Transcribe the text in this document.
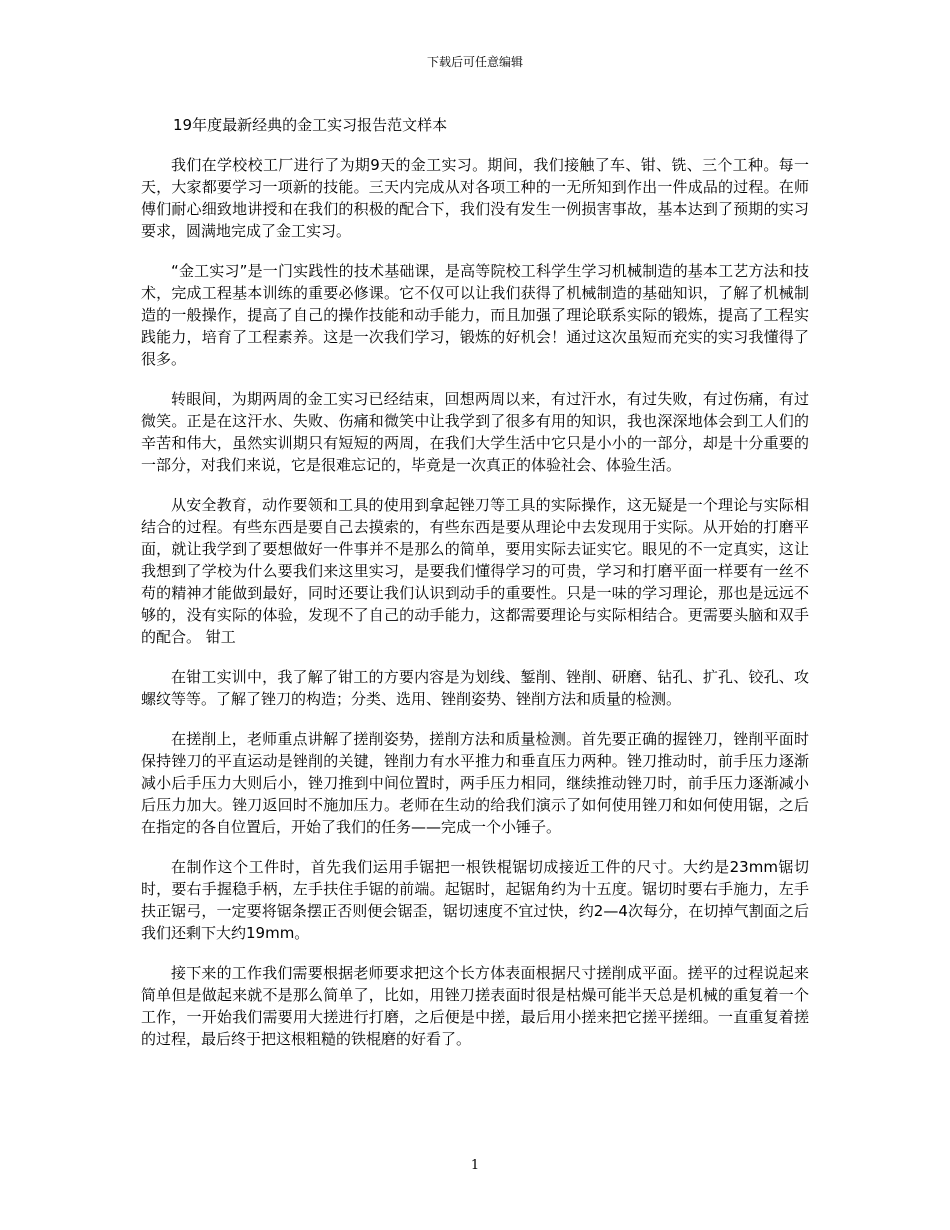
下载后可任意编辑

19年度最新经典的金工实习报告范文样本

我们在学校校工厂进行了为期9天的金工实习。期间，我们接触了车、钳、铣、三个工种。每一天，大家都要学习一项新的技能。三天内完成从对各项工种的一无所知到作出一件成品的过程。在师傅们耐心细致地讲授和在我们的积极的配合下，我们没有发生一例损害事故，基本达到了预期的实习要求，圆满地完成了金工实习。

“金工实习”是一门实践性的技术基础课，是高等院校工科学生学习机械制造的基本工艺方法和技术，完成工程基本训练的重要必修课。它不仅可以让我们获得了机械制造的基础知识，了解了机械制造的一般操作，提高了自己的操作技能和动手能力，而且加强了理论联系实际的锻炼，提高了工程实践能力，培育了工程素养。这是一次我们学习，锻炼的好机会！通过这次虽短而充实的实习我懂得了很多。

转眼间，为期两周的金工实习已经结束，回想两周以来，有过汗水，有过失败，有过伤痛，有过微笑。正是在这汗水、失败、伤痛和微笑中让我学到了很多有用的知识，我也深深地体会到工人们的辛苦和伟大，虽然实训期只有短短的两周，在我们大学生活中它只是小小的一部分，却是十分重要的一部分，对我们来说，它是很难忘记的，毕竟是一次真正的体验社会、体验生活。

从安全教育，动作要领和工具的使用到拿起锉刀等工具的实际操作，这无疑是一个理论与实际相结合的过程。有些东西是要自己去摸索的，有些东西是要从理论中去发现用于实际。从开始的打磨平面，就让我学到了要想做好一件事并不是那么的简单，要用实际去证实它。眼见的不一定真实，这让我想到了学校为什么要我们来这里实习，是要我们懂得学习的可贵，学习和打磨平面一样要有一丝不苟的精神才能做到最好，同时还要让我们认识到动手的重要性。只是一味的学习理论，那也是远远不够的，没有实际的体验，发现不了自己的动手能力，这都需要理论与实际相结合。更需要头脑和双手的配合。 钳工

在钳工实训中，我了解了钳工的方要内容是为划线、錾削、锉削、研磨、钻孔、扩孔、铰孔、攻螺纹等等。了解了锉刀的构造；分类、选用、锉削姿势、锉削方法和质量的检测。

在搓削上，老师重点讲解了搓削姿势，搓削方法和质量检测。首先要正确的握锉刀，锉削平面时保持锉刀的平直运动是锉削的关键，锉削力有水平推力和垂直压力两种。锉刀推动时，前手压力逐渐减小后手压力大则后小，锉刀推到中间位置时，两手压力相同，继续推动锉刀时，前手压力逐渐减小后压力加大。锉刀返回时不施加压力。老师在生动的给我们演示了如何使用锉刀和如何使用锯，之后在指定的各自位置后，开始了我们的任务——完成一个小锤子。

在制作这个工件时，首先我们运用手锯把一根铁棍锯切成接近工件的尺寸。大约是23mm锯切时，要右手握稳手柄，左手扶住手锯的前端。起锯时，起锯角约为十五度。锯切时要右手施力，左手扶正锯弓，一定要将锯条摆正否则便会锯歪，锯切速度不宜过快，约2—4次每分，在切掉气割面之后我们还剩下大约19mm。

接下来的工作我们需要根据老师要求把这个长方体表面根据尺寸搓削成平面。搓平的过程说起来简单但是做起来就不是那么简单了，比如，用锉刀搓表面时很是枯燥可能半天总是机械的重复着一个工作，一开始我们需要用大搓进行打磨，之后便是中搓，最后用小搓来把它搓平搓细。一直重复着搓的过程，最后终于把这根粗糙的铁棍磨的好看了。

1
